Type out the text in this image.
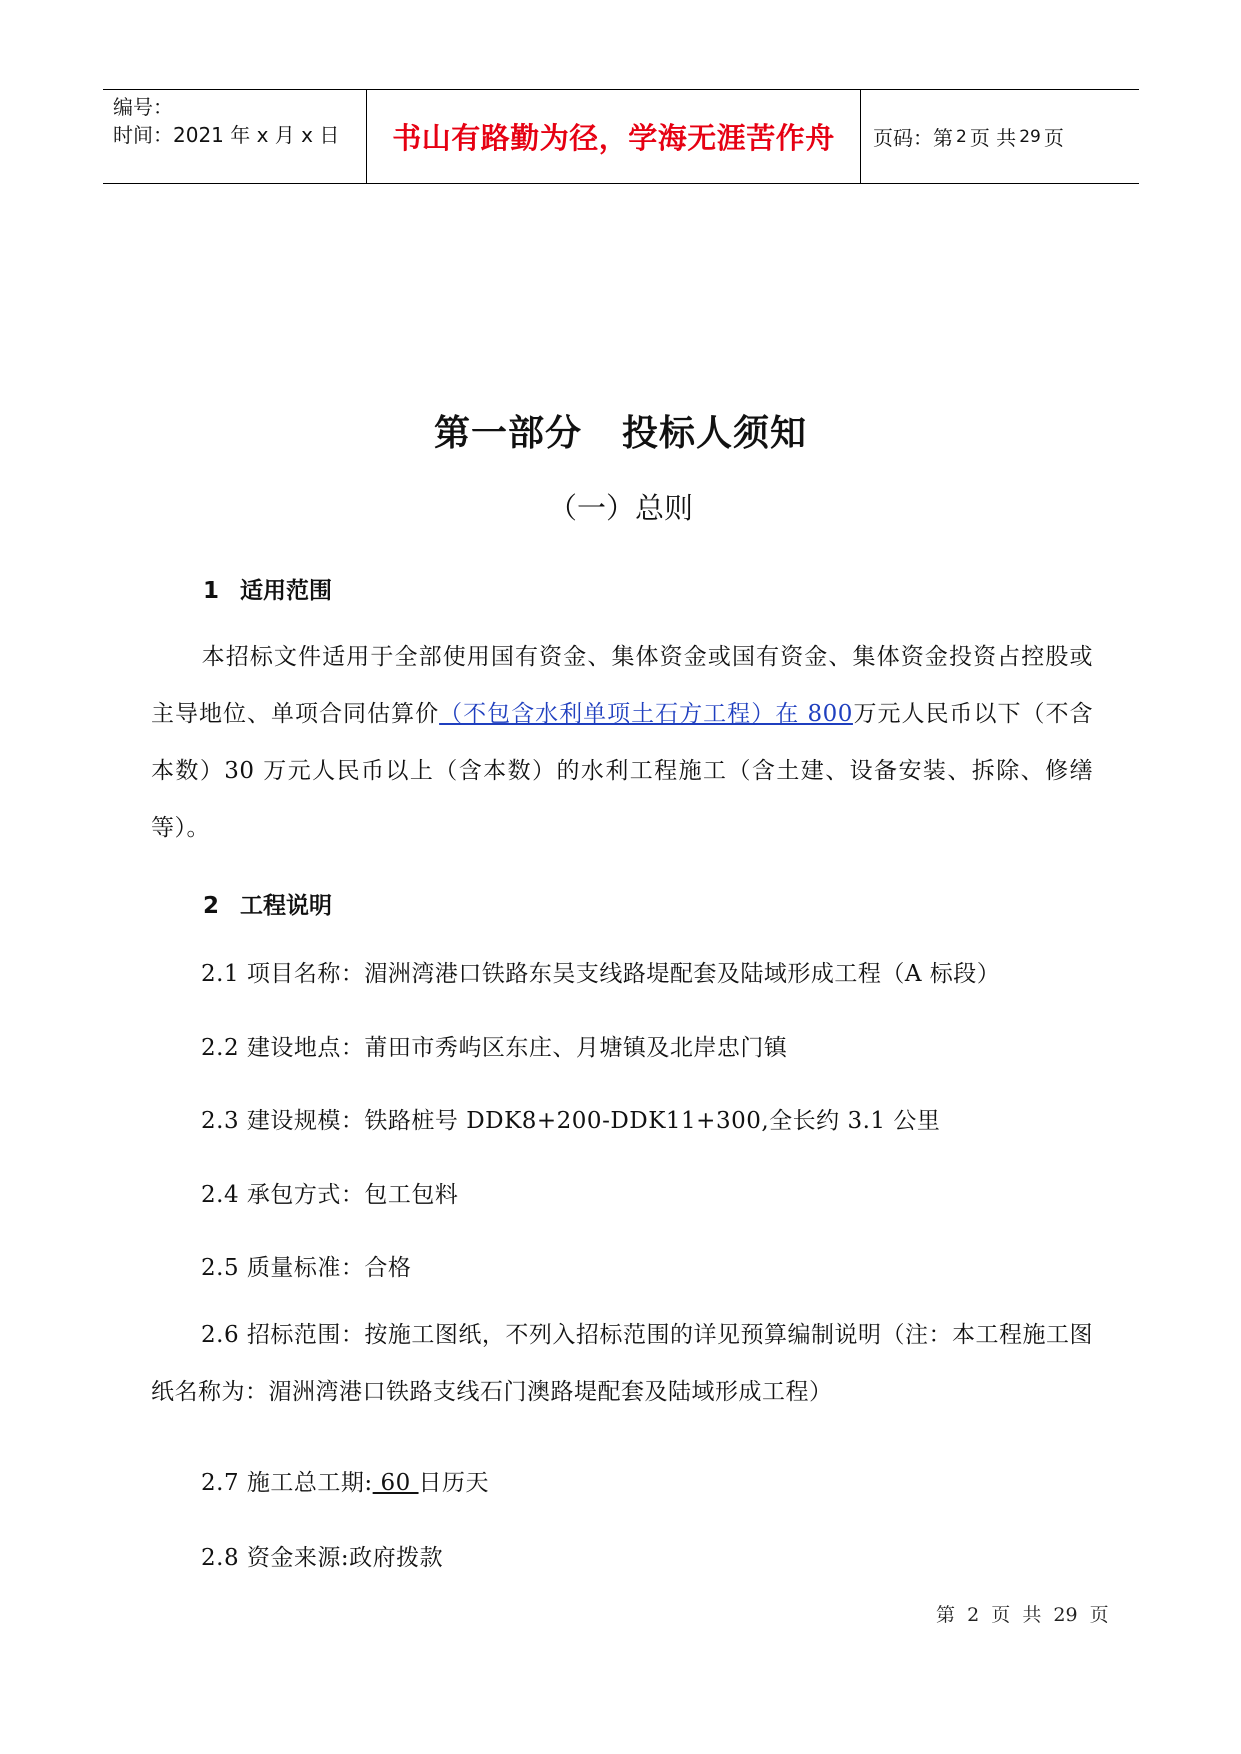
编号：
时间：2021 年 x 月 x 日	书山有路勤为径，学海无涯苦作舟 页码：第 2 页 共 29 页
第一部分 投标人须知
（一）总则
1 适用范围
本招标文件适用于全部使用国有资金、集体资金或国有资金、集体资金投资占控股或主导地位、单项合同估算价（不包含水利单项土石方工程）在 800万元人民币以下（不含本数）30 万元人民币以上（含本数）的水利工程施工（含土建、设备安装、拆除、修缮等）。
2 工程说明
2.1 项目名称：湄洲湾港口铁路东吴支线路堤配套及陆域形成工程（A 标段）
2.2 建设地点：莆田市秀屿区东庄、月塘镇及北岸忠门镇
2.3 建设规模：铁路桩号 DDK8+200-DDK11+300,全长约 3.1 公里
2.4 承包方式：包工包料
2.5 质量标准：合格
2.6 招标范围：按施工图纸，不列入招标范围的详见预算编制说明（注：本工程施工图纸名称为：湄洲湾港口铁路支线石门澳路堤配套及陆域形成工程）
2.7 施工总工期: 60 日历天
2.8 资金来源:政府拨款
第  2  页  共  29  页
